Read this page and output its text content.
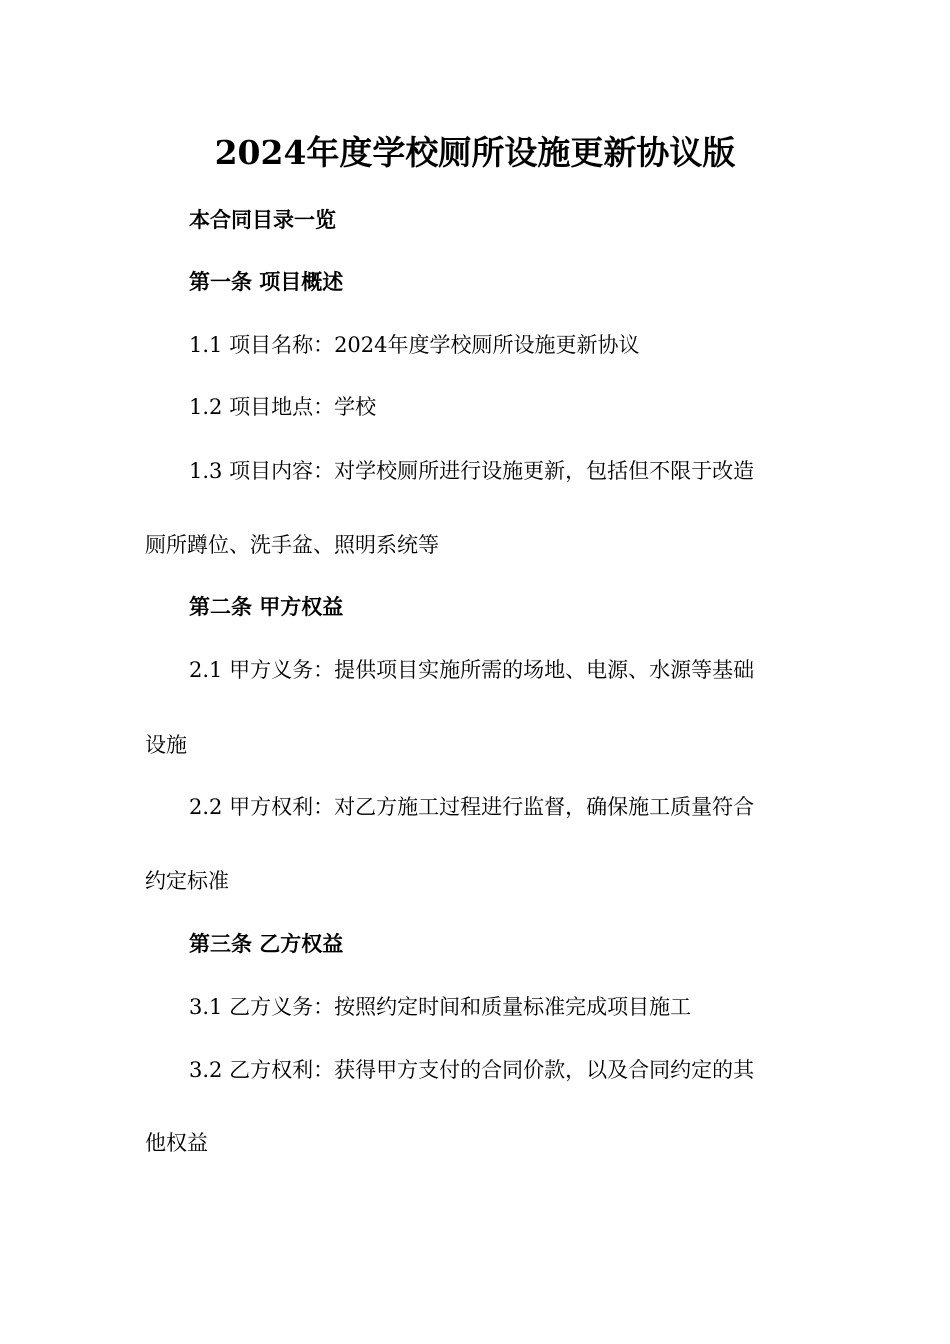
2024年度学校厕所设施更新协议版
本合同目录一览
第一条 项目概述
1.1 项目名称：2024年度学校厕所设施更新协议
1.2 项目地点：学校
1.3 项目内容：对学校厕所进行设施更新，包括但不限于改造
厕所蹲位、洗手盆、照明系统等
第二条 甲方权益
2.1 甲方义务：提供项目实施所需的场地、电源、水源等基础
设施
2.2 甲方权利：对乙方施工过程进行监督，确保施工质量符合
约定标准
第三条 乙方权益
3.1 乙方义务：按照约定时间和质量标准完成项目施工
3.2 乙方权利：获得甲方支付的合同价款，以及合同约定的其
他权益
